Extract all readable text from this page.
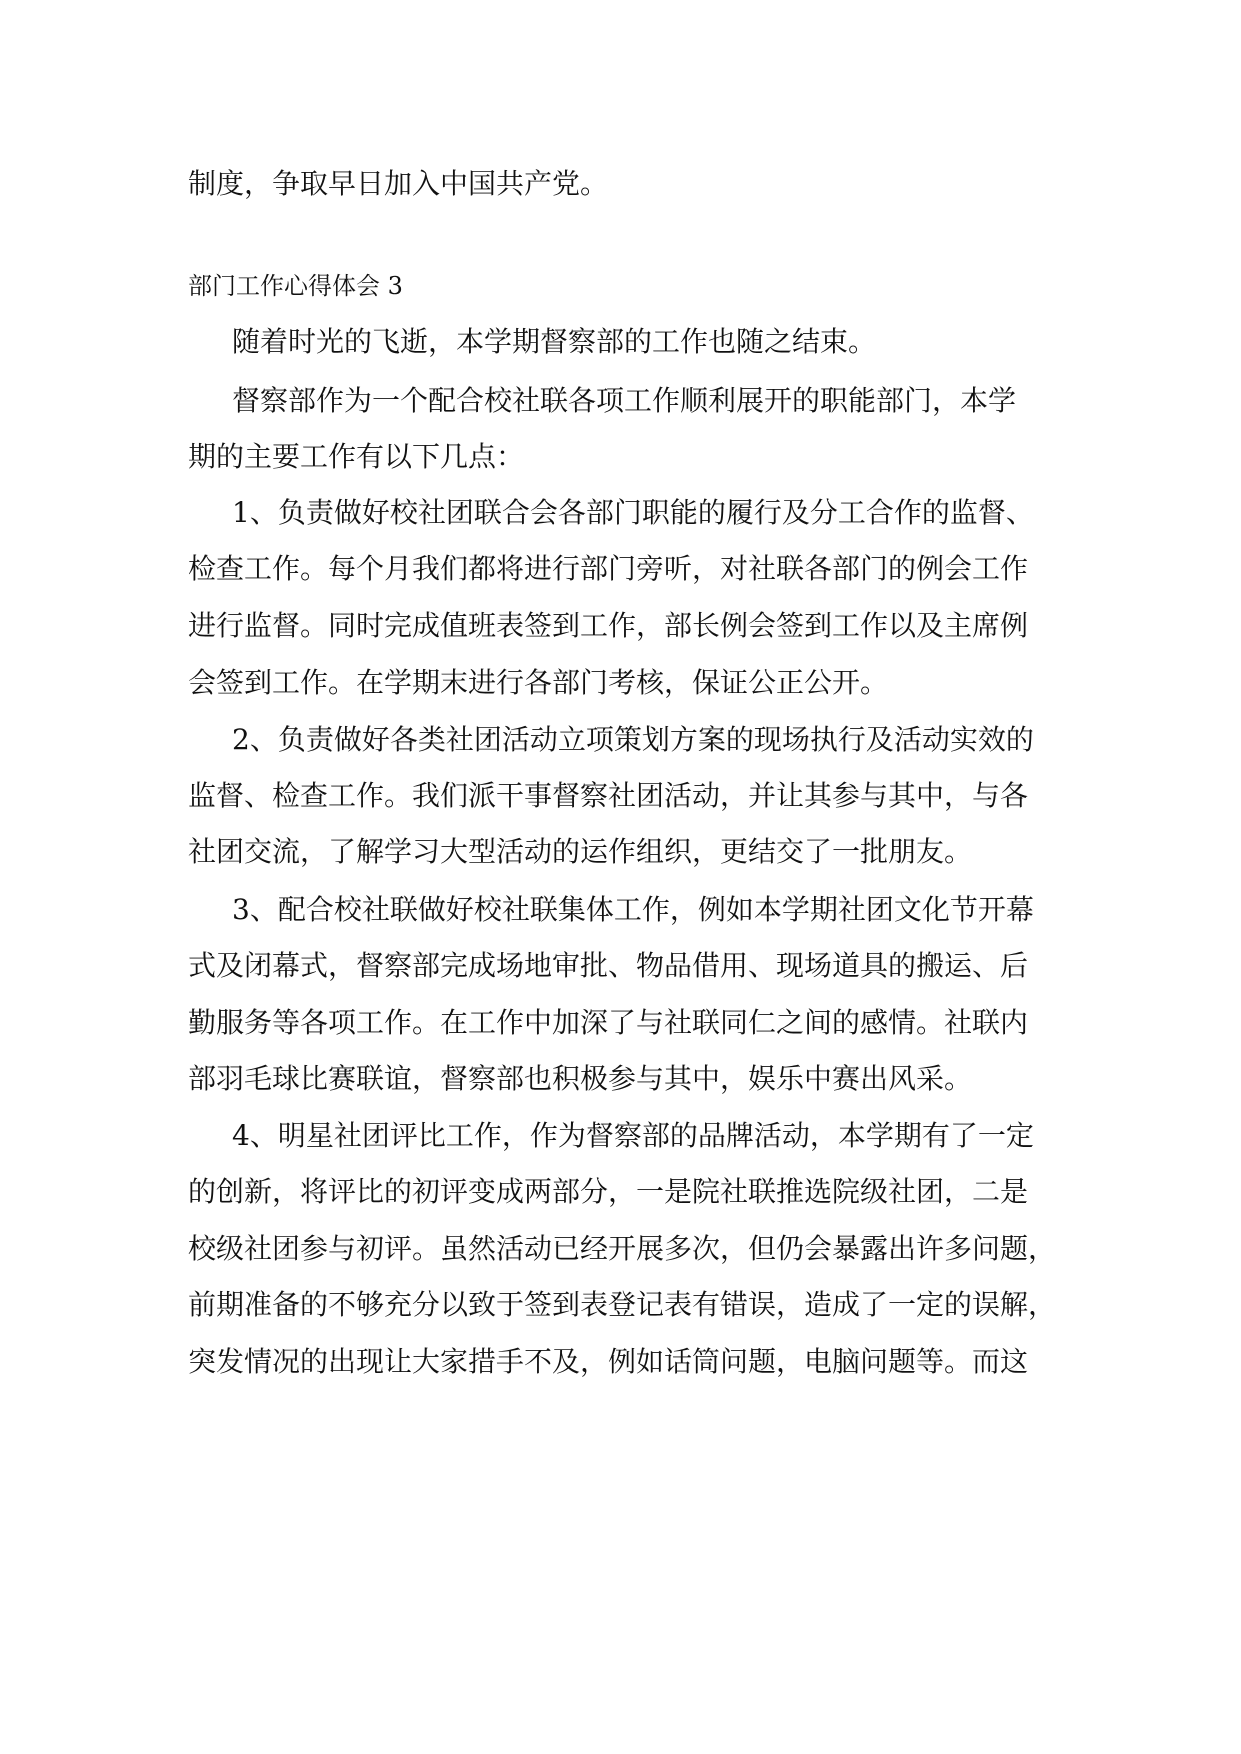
制度，争取早日加入中国共产党。
部门工作心得体会 3
随着时光的飞逝，本学期督察部的工作也随之结束。
督察部作为一个配合校社联各项工作顺利展开的职能部门，本学
期的主要工作有以下几点：
1、负责做好校社团联合会各部门职能的履行及分工合作的监督、
检查工作。每个月我们都将进行部门旁听，对社联各部门的例会工作
进行监督。同时完成值班表签到工作，部长例会签到工作以及主席例
会签到工作。在学期末进行各部门考核，保证公正公开。
2、负责做好各类社团活动立项策划方案的现场执行及活动实效的
监督、检查工作。我们派干事督察社团活动，并让其参与其中，与各
社团交流，了解学习大型活动的运作组织，更结交了一批朋友。
3、配合校社联做好校社联集体工作，例如本学期社团文化节开幕
式及闭幕式，督察部完成场地审批、物品借用、现场道具的搬运、后
勤服务等各项工作。在工作中加深了与社联同仁之间的感情。社联内
部羽毛球比赛联谊，督察部也积极参与其中，娱乐中赛出风采。
4、明星社团评比工作，作为督察部的品牌活动，本学期有了一定
的创新，将评比的初评变成两部分，一是院社联推选院级社团，二是
校级社团参与初评。虽然活动已经开展多次，但仍会暴露出许多问题，
前期准备的不够充分以致于签到表登记表有错误，造成了一定的误解，
突发情况的出现让大家措手不及，例如话筒问题，电脑问题等。而这
